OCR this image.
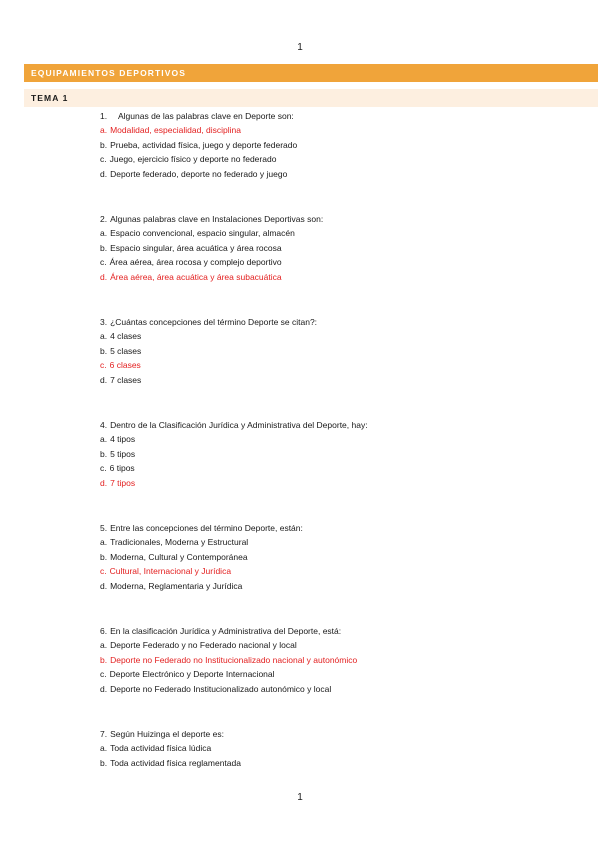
1
EQUIPAMIENTOS DEPORTIVOS
TEMA 1
1. Algunas de las palabras clave en Deporte son:
a. Modalidad, especialidad, disciplina
b. Prueba, actividad física, juego y deporte federado
c. Juego, ejercicio físico y deporte no federado
d. Deporte federado, deporte no federado y juego
2. Algunas palabras clave en Instalaciones Deportivas son:
a. Espacio convencional, espacio singular, almacén
b. Espacio singular, área acuática y área rocosa
c. Área aérea, área rocosa y complejo deportivo
d. Área aérea, área acuática y área subacuática
3. ¿Cuántas concepciones del término Deporte se citan?:
a. 4 clases
b. 5 clases
c. 6 clases
d. 7 clases
4. Dentro de la Clasificación Jurídica y Administrativa del Deporte, hay:
a. 4 tipos
b. 5 tipos
c. 6 tipos
d. 7 tipos
5. Entre las concepciones del término Deporte, están:
a. Tradicionales, Moderna y Estructural
b. Moderna, Cultural y Contemporánea
c. Cultural, Internacional y Jurídica
d. Moderna, Reglamentaria y Jurídica
6. En la clasificación Jurídica y Administrativa del Deporte, está:
a. Deporte Federado y no Federado nacional y local
b. Deporte no Federado no Institucionalizado nacional y autonómico
c. Deporte Electrónico y Deporte Internacional
d. Deporte no Federado Institucionalizado autonómico y local
7. Según Huizinga el deporte es:
a. Toda actividad física lúdica
b. Toda actividad física reglamentada
1
